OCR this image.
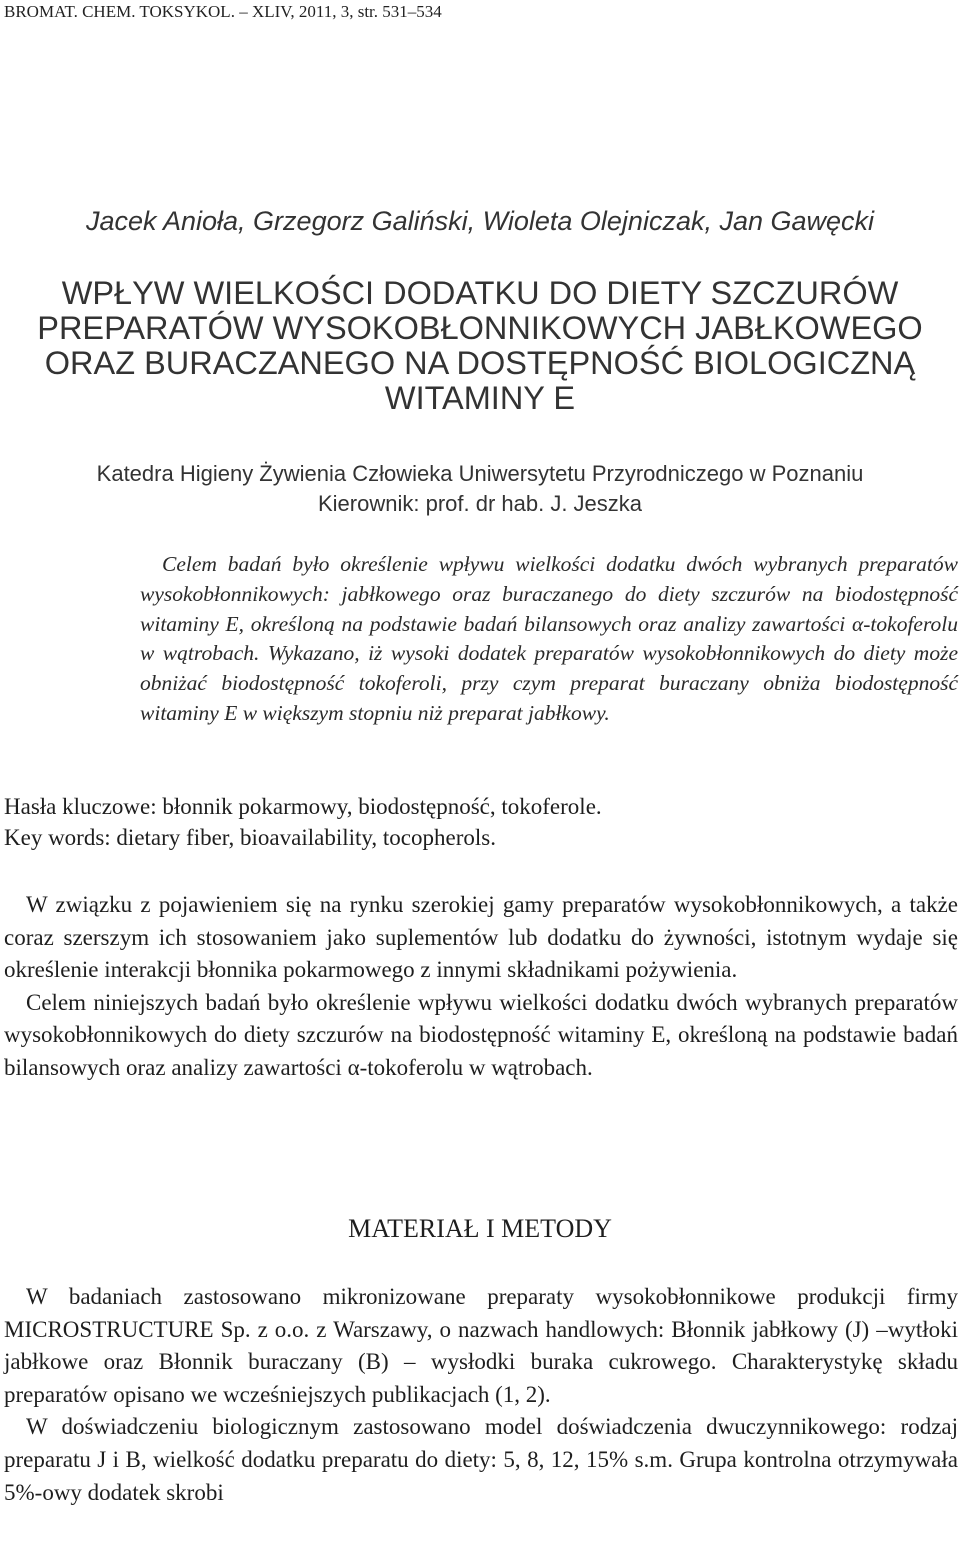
BROMAT. CHEM. TOKSYKOL. – XLIV, 2011, 3, str. 531–534
Jacek Anioła, Grzegorz Galiński, Wioleta Olejniczak, Jan Gawęcki
WPŁYW WIELKOŚCI DODATKU DO DIETY SZCZURÓW
PREPARATÓW WYSOKOBŁONNIKOWYCH JABŁKOWEGO
ORAZ BURACZANEGO NA DOSTĘPNOŚĆ BIOLOGICZNĄ
WITAMINY E
Katedra Higieny Żywienia Człowieka Uniwersytetu Przyrodniczego w Poznaniu
Kierownik: prof. dr hab. J. Jeszka
Celem badań było określenie wpływu wielkości dodatku dwóch wybranych preparatów wysokobłonnikowych: jabłkowego oraz buraczanego do diety szczurów na biodostępność witaminy E, określoną na podstawie badań bilansowych oraz analizy zawartości α-tokoferolu w wątrobach. Wykazano, iż wysoki dodatek preparatów wysokobłonnikowych do diety może obniżać biodostępność tokoferoli, przy czym preparat buraczany obniża biodostępność witaminy E w większym stopniu niż preparat jabłkowy.
Hasła kluczowe: błonnik pokarmowy, biodostępność, tokoferole.
Key words: dietary fiber, bioavailability, tocopherols.

W związku z pojawieniem się na rynku szerokiej gamy preparatów wysokobłonnikowych, a także coraz szerszym ich stosowaniem jako suplementów lub dodatku do żywności, istotnym wydaje się określenie interakcji błonnika pokarmowego z innymi składnikami pożywienia.

Celem niniejszych badań było określenie wpływu wielkości dodatku dwóch wybranych preparatów wysokobłonnikowych do diety szczurów na biodostępność witaminy E, określoną na podstawie badań bilansowych oraz analizy zawartości α-tokoferolu w wątrobach.

MATERIAŁ I METODY

W badaniach zastosowano mikronizowane preparaty wysokobłonnikowe produkcji firmy MICROSTRUCTURE Sp. z o.o. z Warszawy, o nazwach handlowych: Błonnik jabłkowy (J) –wytłoki jabłkowe oraz Błonnik buraczany (B) – wysłodki buraka cukrowego. Charakterystykę składu preparatów opisano we wcześniejszych publikacjach (1, 2).

W doświadczeniu biologicznym zastosowano model doświadczenia dwuczynnikowego: rodzaj preparatu J i B, wielkość dodatku preparatu do diety: 5, 8, 12, 15% s.m. Grupa kontrolna otrzymywała 5%-owy dodatek skrobi
